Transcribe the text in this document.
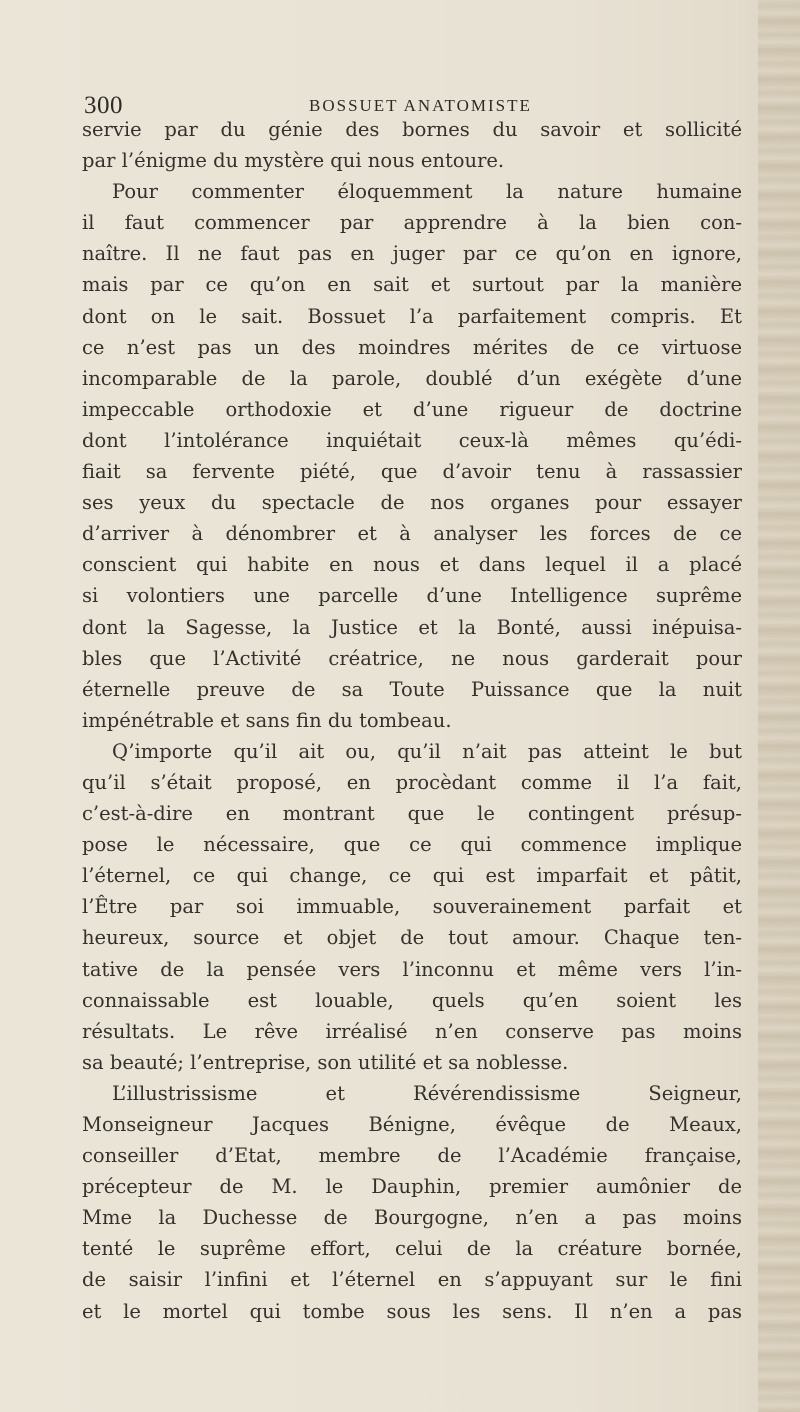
300	BOSSUET ANATOMISTE
servie par du génie des bornes du savoir et sollicité
par l’énigme du mystère qui nous entoure.
Pour commenter éloquemment la nature humaine
il faut commencer par apprendre à la bien con-
naître. Il ne faut pas en juger par ce qu’on en ignore,
mais par ce qu’on en sait et surtout par la manière
dont on le sait. Bossuet l’a parfaitement compris. Et
ce n’est pas un des moindres mérites de ce virtuose
incomparable de la parole, doublé d’un exégète d’une
impeccable orthodoxie et d’une rigueur de doctrine
dont l’intolérance inquiétait ceux-là mêmes qu’édi-
fiait sa fervente piété, que d’avoir tenu à rassassier
ses yeux du spectacle de nos organes pour essayer
d’arriver à dénombrer et à analyser les forces de ce
conscient qui habite en nous et dans lequel il a placé
si volontiers une parcelle d’une Intelligence suprême
dont la Sagesse, la Justice et la Bonté, aussi inépuisa-
bles que l’Activité créatrice, ne nous garderait pour
éternelle preuve de sa Toute Puissance que la nuit
impénétrable et sans fin du tombeau.
Q’importe qu’il ait ou, qu’il n’ait pas atteint le but
qu’il s’était proposé, en procèdant comme il l’a fait,
c’est-à-dire en montrant que le contingent présup-
pose le nécessaire, que ce qui commence implique
l’éternel, ce qui change, ce qui est imparfait et pâtit,
l’Être par soi immuable, souverainement parfait et
heureux, source et objet de tout amour. Chaque ten-
tative de la pensée vers l’inconnu et même vers l’in-
connaissable est louable, quels qu’en soient les
résultats. Le rêve irréalisé n’en conserve pas moins
sa beauté; l’entreprise, son utilité et sa noblesse.
L’illustrissisme et Révérendissisme Seigneur,
Monseigneur Jacques Bénigne, évêque de Meaux,
conseiller d’Etat, membre de l’Académie française,
précepteur de M. le Dauphin, premier aumônier de
Mme la Duchesse de Bourgogne, n’en a pas moins
tenté le suprême effort, celui de la créature bornée,
de saisir l’infini et l’éternel en s’appuyant sur le fini
et le mortel qui tombe sous les sens. Il n’en a pas
